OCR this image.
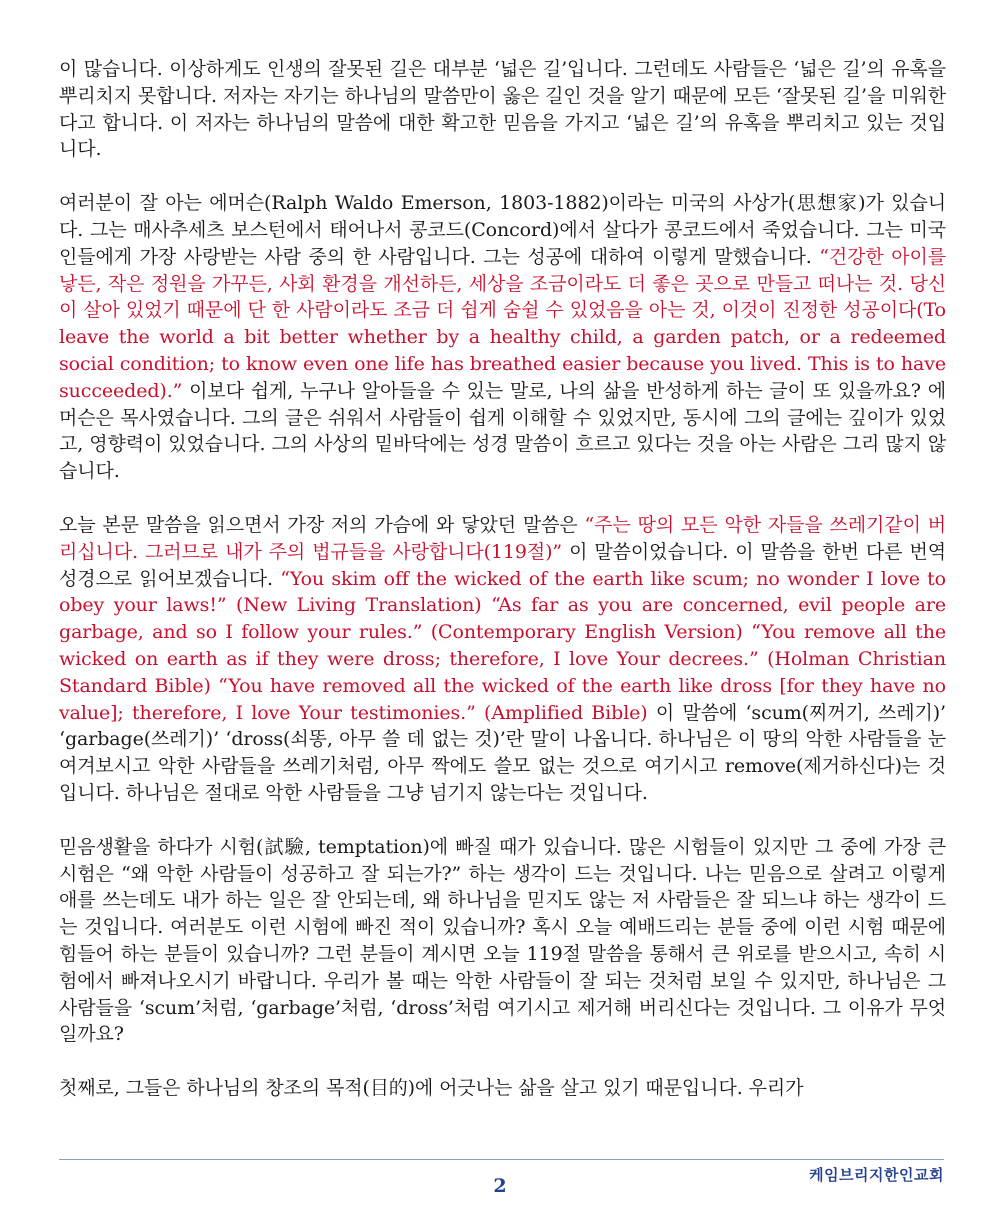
이 많습니다. 이상하게도 인생의 잘못된 길은 대부분 ‘넓은 길’입니다. 그런데도 사람들은 ‘넓은 길’의 유혹을 뿌리치지 못합니다. 저자는 자기는 하나님의 말씀만이 옳은 길인 것을 알기 때문에 모든 ‘잘못된 길’을 미워한다고 합니다. 이 저자는 하나님의 말씀에 대한 확고한 믿음을 가지고 ‘넓은 길’의 유혹을 뿌리치고 있는 것입니다.

여러분이 잘 아는 에머슨(Ralph Waldo Emerson, 1803-1882)이라는 미국의 사상가(思想家)가 있습니다. 그는 매사추세츠 보스턴에서 태어나서 콩코드(Concord)에서 살다가 콩코드에서 죽었습니다. 그는 미국인들에게 가장 사랑받는 사람 중의 한 사람입니다. 그는 성공에 대하여 이렇게 말했습니다. “건강한 아이를 낳든, 작은 정원을 가꾸든, 사회 환경을 개선하든, 세상을 조금이라도 더 좋은 곳으로 만들고 떠나는 것. 당신이 살아 있었기 때문에 단 한 사람이라도 조금 더 쉽게 숨쉴 수 있었음을 아는 것, 이것이 진정한 성공이다(To leave the world a bit better whether by a healthy child, a garden patch, or a redeemed social condition; to know even one life has breathed easier because you lived. This is to have succeeded).” 이보다 쉽게, 누구나 알아들을 수 있는 말로, 나의 삶을 반성하게 하는 글이 또 있을까요? 에머슨은 목사였습니다. 그의 글은 쉬워서 사람들이 쉽게 이해할 수 있었지만, 동시에 그의 글에는 깊이가 있었고, 영향력이 있었습니다. 그의 사상의 밑바닥에는 성경 말씀이 흐르고 있다는 것을 아는 사람은 그리 많지 않습니다.

오늘 본문 말씀을 읽으면서 가장 저의 가슴에 와 닿았던 말씀은 “주는 땅의 모든 악한 자들을 쓰레기같이 버리십니다. 그러므로 내가 주의 법규들을 사랑합니다(119절)” 이 말씀이었습니다. 이 말씀을 한번 다른 번역성경으로 읽어보겠습니다. “You skim off the wicked of the earth like scum; no wonder I love to obey your laws!” (New Living Translation) “As far as you are concerned, evil people are garbage, and so I follow your rules.” (Contemporary English Version) “You remove all the wicked on earth as if they were dross; therefore, I love Your decrees.” (Holman Christian Standard Bible) “You have removed all the wicked of the earth like dross [for they have no value]; therefore, I love Your testimonies.” (Amplified Bible) 이 말씀에 ‘scum(찌꺼기, 쓰레기)’ ‘garbage(쓰레기)’ ‘dross(쇠똥, 아무 쓸 데 없는 것)’란 말이 나옵니다. 하나님은 이 땅의 악한 사람들을 눈여겨보시고 악한 사람들을 쓰레기처럼, 아무 짝에도 쓸모 없는 것으로 여기시고 remove(제거하신다)는 것입니다. 하나님은 절대로 악한 사람들을 그냥 넘기지 않는다는 것입니다.

믿음생활을 하다가 시험(試驗, temptation)에 빠질 때가 있습니다. 많은 시험들이 있지만 그 중에 가장 큰 시험은 “왜 악한 사람들이 성공하고 잘 되는가?” 하는 생각이 드는 것입니다. 나는 믿음으로 살려고 이렇게 애를 쓰는데도 내가 하는 일은 잘 안되는데, 왜 하나님을 믿지도 않는 저 사람들은 잘 되느냐 하는 생각이 드는 것입니다. 여러분도 이런 시험에 빠진 적이 있습니까? 혹시 오늘 예배드리는 분들 중에 이런 시험 때문에 힘들어 하는 분들이 있습니까? 그런 분들이 계시면 오늘 119절 말씀을 통해서 큰 위로를 받으시고, 속히 시험에서 빠져나오시기 바랍니다. 우리가 볼 때는 악한 사람들이 잘 되는 것처럼 보일 수 있지만, 하나님은 그 사람들을 ‘scum’처럼, ‘garbage’처럼, ‘dross’처럼 여기시고 제거해 버리신다는 것입니다. 그 이유가 무엇일까요?

첫째로, 그들은 하나님의 창조의 목적(目的)에 어긋나는 삶을 살고 있기 때문입니다. 우리가

케임브리지한인교회
2
